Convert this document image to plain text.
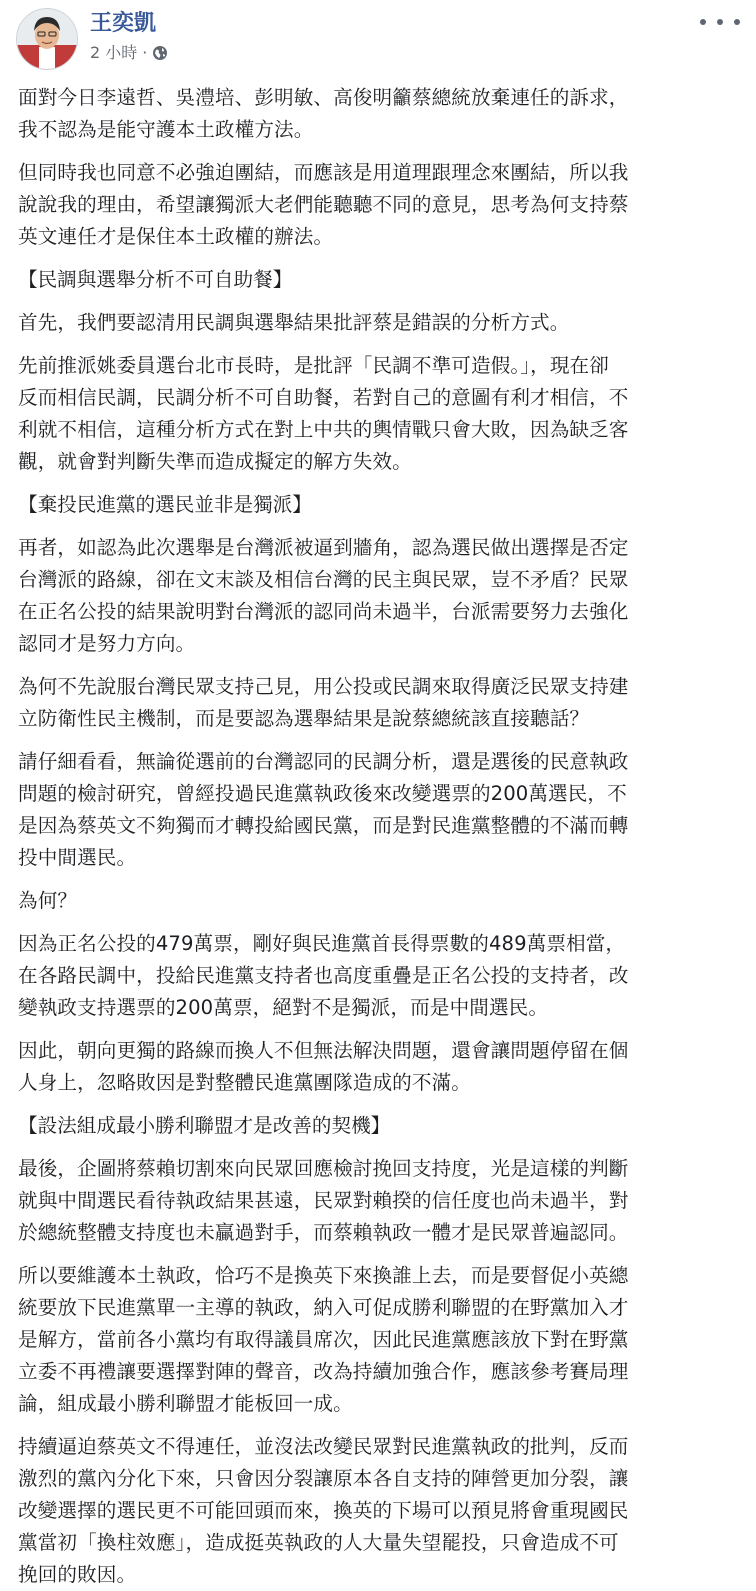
王奕凱
2 小時 ·

面對今日李遠哲、吳澧培、彭明敏、高俊明籲蔡總統放棄連任的訴求，
我不認為是能守護本土政權方法。

但同時我也同意不必強迫團結，而應該是用道理跟理念來團結，所以我
說說我的理由，希望讓獨派大老們能聽聽不同的意見，思考為何支持蔡
英文連任才是保住本土政權的辦法。

【民調與選舉分析不可自助餐】

首先，我們要認清用民調與選舉結果批評蔡是錯誤的分析方式。

先前推派姚委員選台北市長時，是批評「民調不準可造假。」，現在卻
反而相信民調，民調分析不可自助餐，若對自己的意圖有利才相信，不
利就不相信，這種分析方式在對上中共的輿情戰只會大敗，因為缺乏客
觀，就會對判斷失準而造成擬定的解方失效。

【棄投民進黨的選民並非是獨派】

再者，如認為此次選舉是台灣派被逼到牆角，認為選民做出選擇是否定
台灣派的路線，卻在文末談及相信台灣的民主與民眾，豈不矛盾？民眾
在正名公投的結果說明對台灣派的認同尚未過半，台派需要努力去強化
認同才是努力方向。

為何不先說服台灣民眾支持己見，用公投或民調來取得廣泛民眾支持建
立防衛性民主機制，而是要認為選舉結果是說蔡總統該直接聽話？

請仔細看看，無論從選前的台灣認同的民調分析，還是選後的民意執政
問題的檢討研究，曾經投過民進黨執政後來改變選票的200萬選民，不
是因為蔡英文不夠獨而才轉投給國民黨，而是對民進黨整體的不滿而轉
投中間選民。

為何？

因為正名公投的479萬票，剛好與民進黨首長得票數的489萬票相當，
在各路民調中，投給民進黨支持者也高度重疊是正名公投的支持者，改
變執政支持選票的200萬票，絕對不是獨派，而是中間選民。

因此，朝向更獨的路線而換人不但無法解決問題，還會讓問題停留在個
人身上，忽略敗因是對整體民進黨團隊造成的不滿。

【設法組成最小勝利聯盟才是改善的契機】

最後，企圖將蔡賴切割來向民眾回應檢討挽回支持度，光是這樣的判斷
就與中間選民看待執政結果甚遠，民眾對賴揆的信任度也尚未過半，對
於總統整體支持度也未贏過對手，而蔡賴執政一體才是民眾普遍認同。

所以要維護本土執政，恰巧不是換英下來換誰上去，而是要督促小英總
統要放下民進黨單一主導的執政，納入可促成勝利聯盟的在野黨加入才
是解方，當前各小黨均有取得議員席次，因此民進黨應該放下對在野黨
立委不再禮讓要選擇對陣的聲音，改為持續加強合作，應該參考賽局理
論，組成最小勝利聯盟才能板回一成。

持續逼迫蔡英文不得連任，並沒法改變民眾對民進黨執政的批判，反而
激烈的黨內分化下來，只會因分裂讓原本各自支持的陣營更加分裂，讓
改變選擇的選民更不可能回頭而來，換英的下場可以預見將會重現國民
黨當初「換柱效應」，造成挺英執政的人大量失望罷投，只會造成不可
挽回的敗因。
